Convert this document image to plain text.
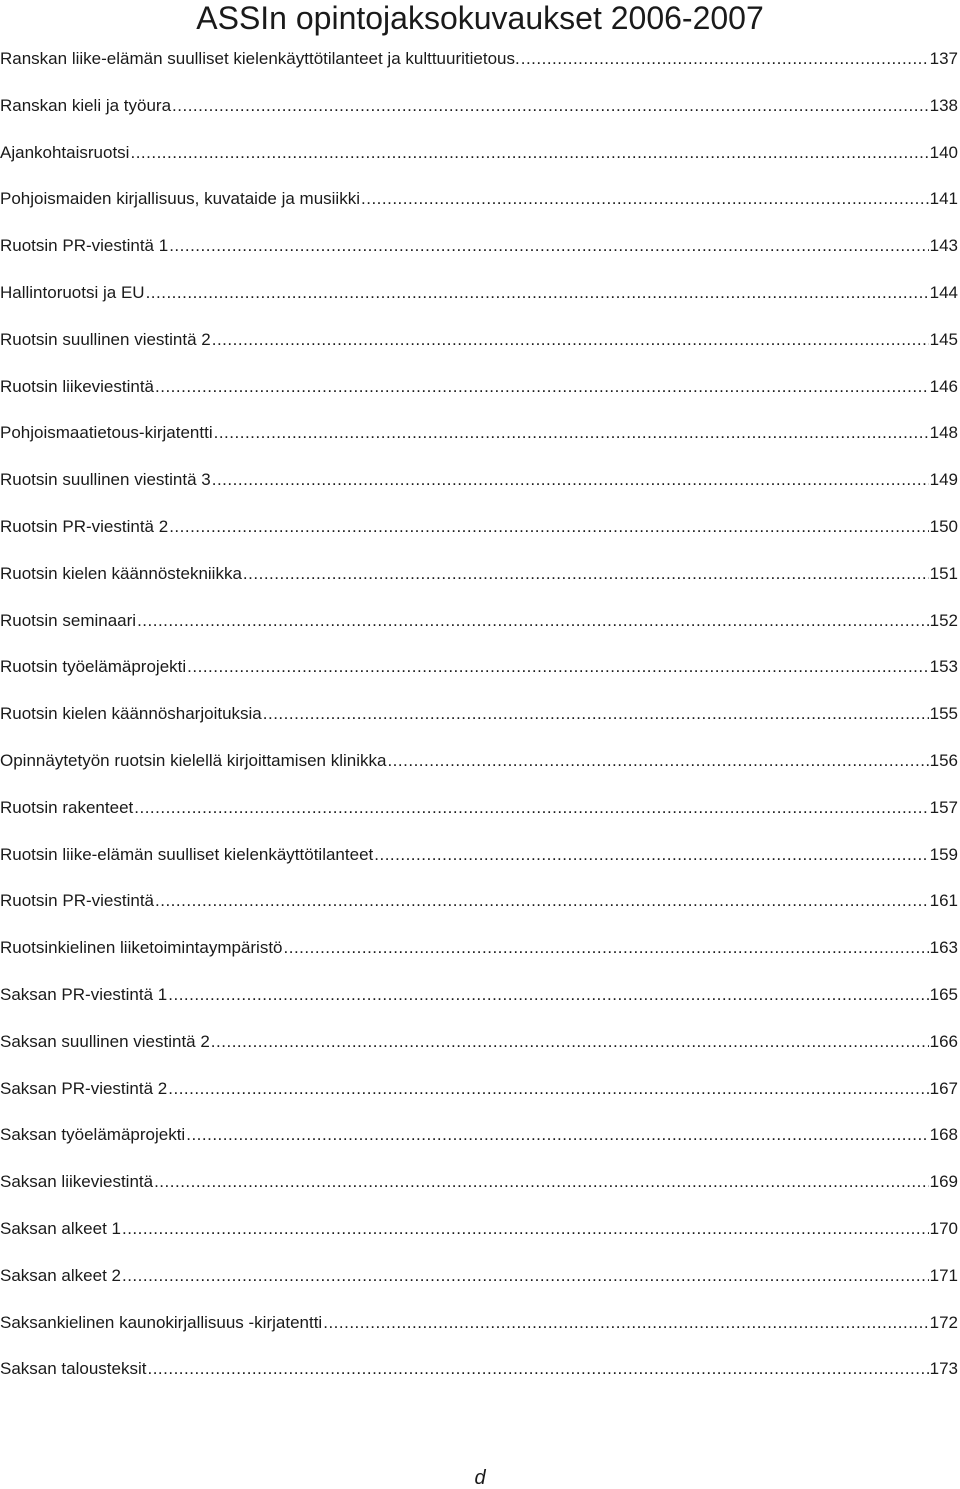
ASSIn opintojaksokuvaukset 2006-2007
Ranskan liike-elämän suulliset kielenkäyttötilanteet ja kulttuuritietous. .....	137
Ranskan kieli ja työura .....	138
Ajankohtaisruotsi .....	140
Pohjoismaiden kirjallisuus, kuvataide ja musiikki .....	141
Ruotsin PR-viestintä 1 .....	143
Hallintoruotsi ja EU .....	144
Ruotsin suullinen viestintä 2 .....	145
Ruotsin liikeviestintä .....	146
Pohjoismaatietous-kirjatentti .....	148
Ruotsin suullinen viestintä 3 .....	149
Ruotsin PR-viestintä 2 .....	150
Ruotsin kielen käännöstekniikka .....	151
Ruotsin seminaari .....	152
Ruotsin työelämäprojekti .....	153
Ruotsin kielen käännösharjoituksia .....	155
Opinnäytetyön ruotsin kielellä kirjoittamisen klinikka .....	156
Ruotsin rakenteet .....	157
Ruotsin liike-elämän suulliset kielenkäyttötilanteet .....	159
Ruotsin PR-viestintä .....	161
Ruotsinkielinen liiketoimintaympäristö .....	163
Saksan PR-viestintä 1 .....	165
Saksan suullinen viestintä 2 .....	166
Saksan PR-viestintä 2 .....	167
Saksan työelämäprojekti .....	168
Saksan liikeviestintä .....	169
Saksan alkeet 1 .....	170
Saksan alkeet 2 .....	171
Saksankielinen kaunokirjallisuus -kirjatentti .....	172
Saksan talousteksit .....	173
d
